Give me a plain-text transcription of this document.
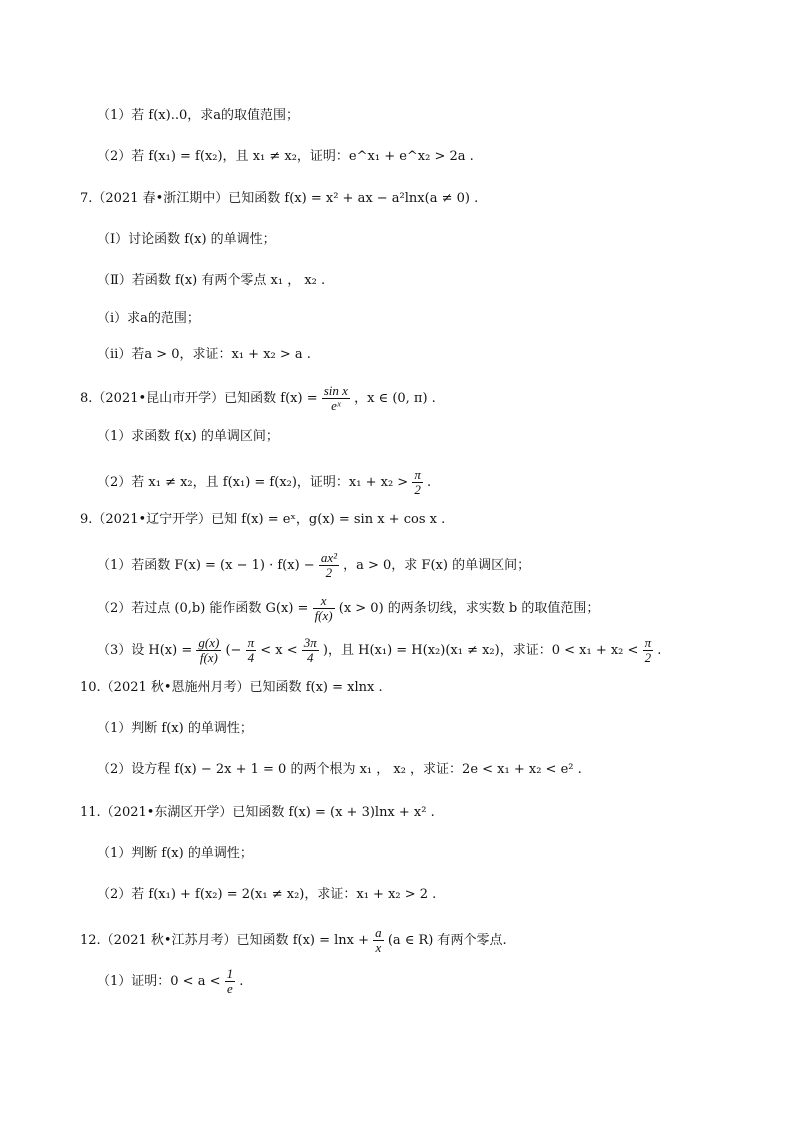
（1）若 f(x)..0，求a的取值范围；
（2）若 f(x₁) = f(x₂)，且 x₁ ≠ x₂，证明：e^x₁ + e^x₂ > 2a .
7.（2021 春•浙江期中）已知函数 f(x) = x² + ax − a²lnx(a ≠ 0) .
（Ⅰ）讨论函数 f(x) 的单调性；
（Ⅱ）若函数 f(x) 有两个零点 x₁ ， x₂ .
（ⅰ）求a的范围；
（ⅱ）若a > 0，求证：x₁ + x₂ > a .
8.（2021•昆山市开学）已知函数 $f(x) = \frac{\text{sin x}}{\text{eˣ}}$ ，x ∈ (0, π) .
（1）求函数 f(x) 的单调区间；
（2）若 x₁ ≠ x₂，且 f(x₁) = f(x₂)，证明：$x_1 + x_2 > \frac{\pi}{2}$ .
9.（2021•辽宁开学）已知 f(x) = eˣ，g(x) = sin x + cos x .
（1）若函数 $F(x) = (x - 1) \cdot f(x) - \frac{\text{ax²}}{2}$ ，a > 0，求 F(x) 的单调区间；
（2）若过点 (0,b) 能作函数 $G(x) = \frac{x}{f(x)} (x > 0)$ 的两条切线，求实数 b 的取值范围；
（3）设 $H(x) = \frac{g(x)}{f(x)}$ (− $\frac{\pi}{4} < x < \frac{3\pi}{4}$ )，且 H(x₁) = H(x₂)(x₁ ≠ x₂)，求证：$0 < x_1 + x_2 < \frac{\pi}{2}$ .
10.（2021 秋•恩施州月考）已知函数 f(x) = xlnx .
（1）判断 f(x) 的单调性；
（2）设方程 f(x) − 2x + 1 = 0 的两个根为 x₁ ， x₂ ，求证：2e < x₁ + x₂ < e² .
11.（2021•东湖区开学）已知函数 f(x) = (x + 3)lnx + x² .
（1）判断 f(x) 的单调性；
（2）若 f(x₁) + f(x₂) = 2(x₁ ≠ x₂)，求证：x₁ + x₂ > 2 .
12.（2021 秋•江苏月考）已知函数 $f(x) = \ln x + \frac{a}{x} (a$ ∈ R) 有两个零点.
（1）证明：$0 < a < \frac{1}{e}$ .
